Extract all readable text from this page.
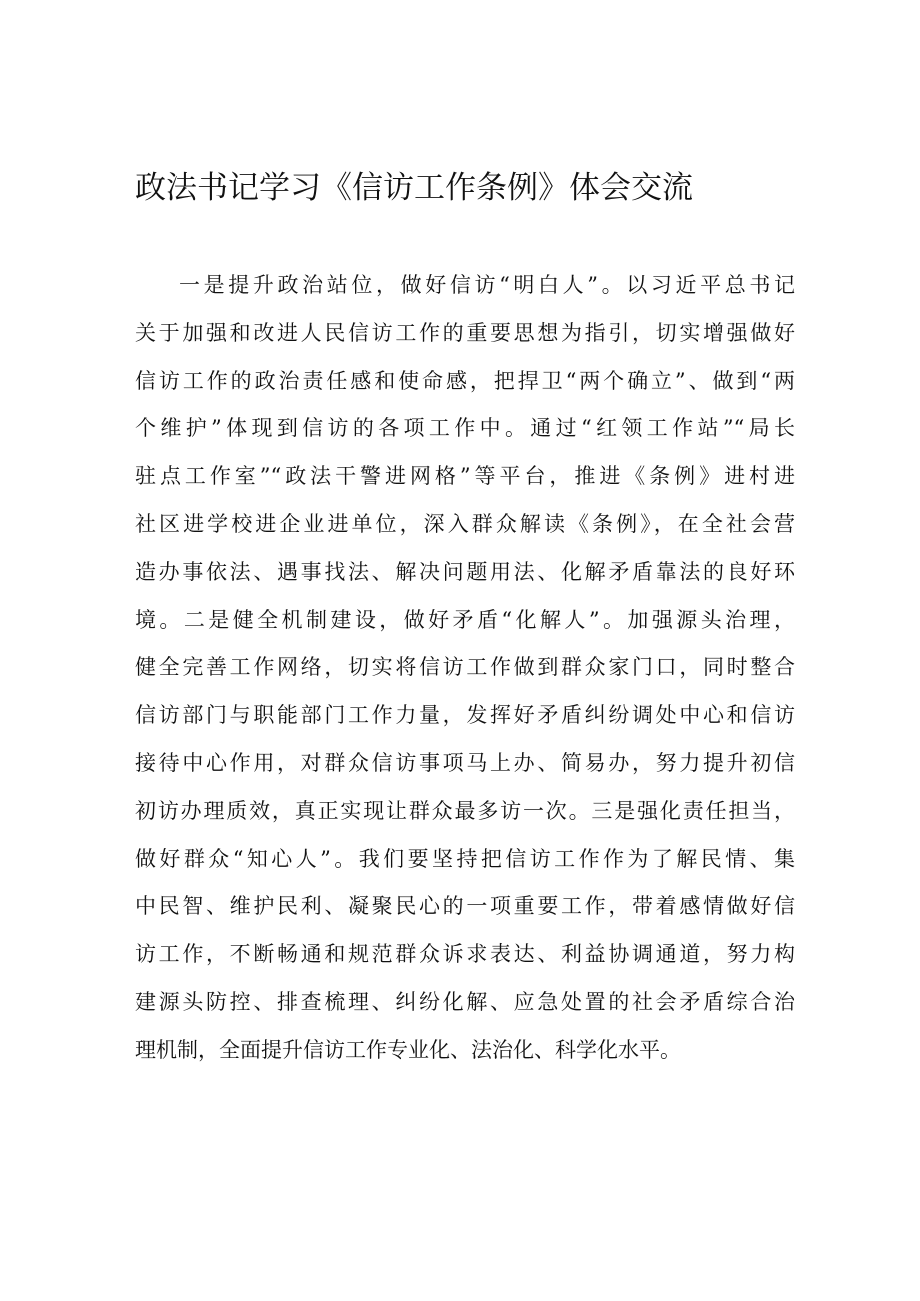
政法书记学习《信访工作条例》体会交流
一是提升政治站位，做好信访“明白人”。以习近平总书记
关于加强和改进人民信访工作的重要思想为指引，切实增强做好
信访工作的政治责任感和使命感，把捍卫“两个确立”、做到“两
个维护”体现到信访的各项工作中。通过“红领工作站”“局长
驻点工作室”“政法干警进网格”等平台，推进《条例》进村进
社区进学校进企业进单位，深入群众解读《条例》，在全社会营
造办事依法、遇事找法、解决问题用法、化解矛盾靠法的良好环
境。二是健全机制建设，做好矛盾“化解人”。加强源头治理，
健全完善工作网络，切实将信访工作做到群众家门口，同时整合
信访部门与职能部门工作力量，发挥好矛盾纠纷调处中心和信访
接待中心作用，对群众信访事项马上办、简易办，努力提升初信
初访办理质效，真正实现让群众最多访一次。三是强化责任担当，
做好群众“知心人”。我们要坚持把信访工作作为了解民情、集
中民智、维护民利、凝聚民心的一项重要工作，带着感情做好信
访工作，不断畅通和规范群众诉求表达、利益协调通道，努力构
建源头防控、排查梳理、纠纷化解、应急处置的社会矛盾综合治
理机制，全面提升信访工作专业化、法治化、科学化水平。
